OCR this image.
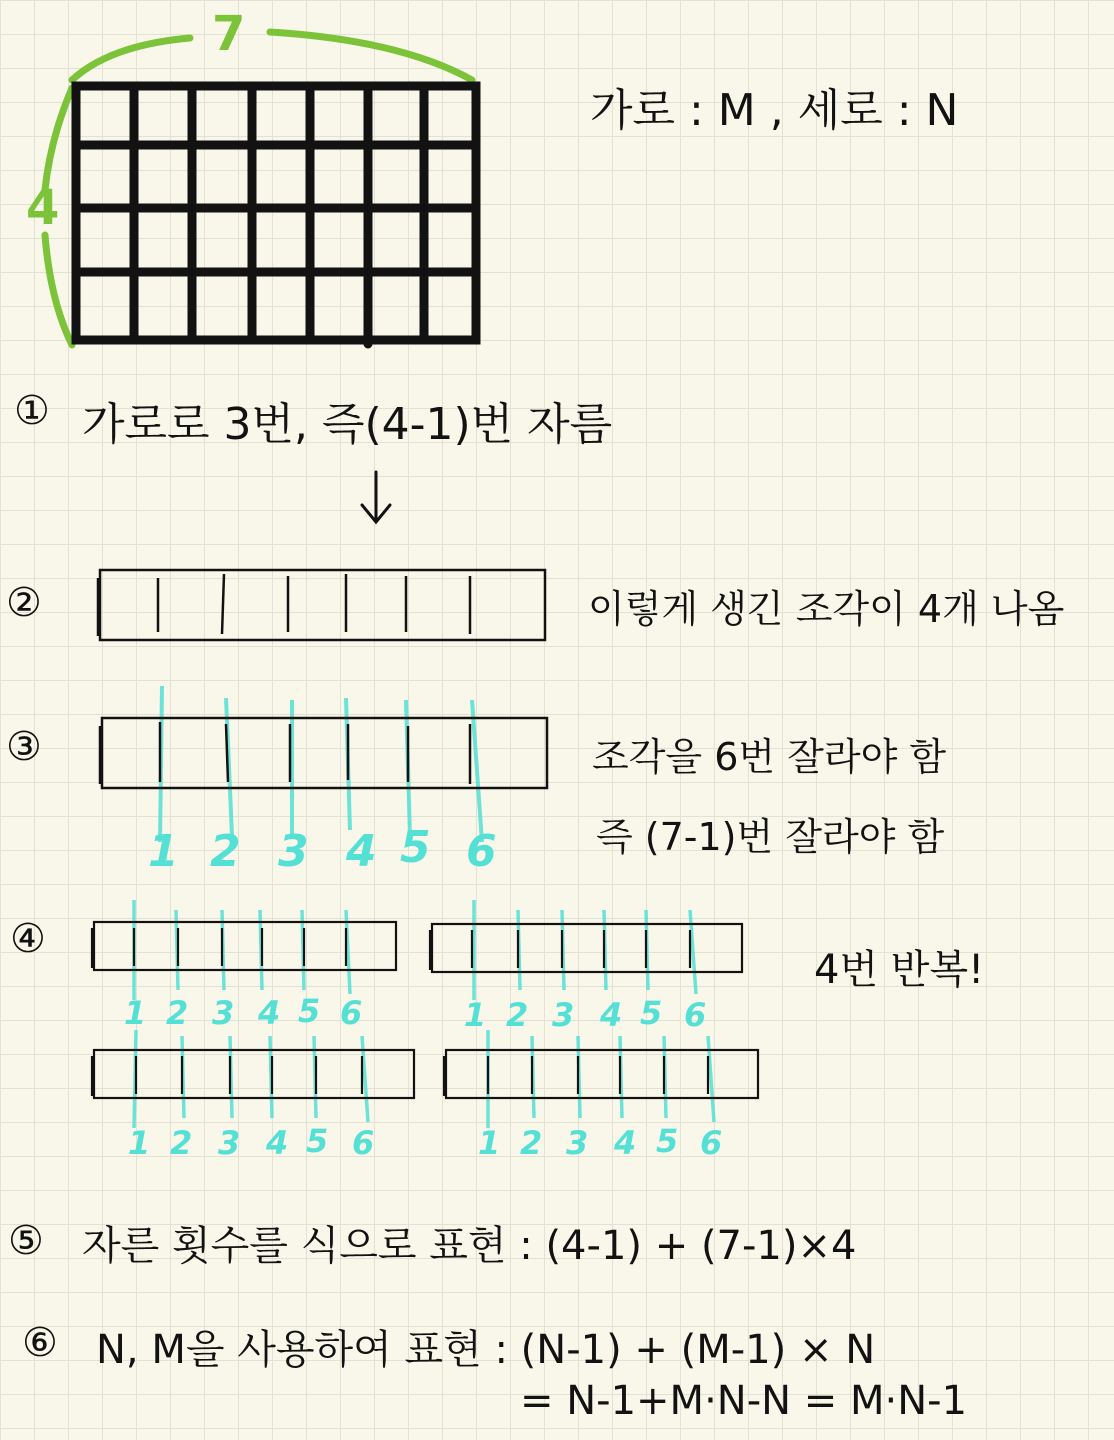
7
4
가로 : M , 세로 : N
① 가로로 3번, 즉(4-1)번 자름
②	이렇게 생긴 조각이 4개 나옴
③	조각을 6번 잘라야 함
즉 (7-1)번 잘라야 함
1 2 3 4 5 6
④
4번 반복!
1 2 3 4 5 6	1 2 3 4 5 6
1 2 3 4 5 6	1 2 3 4 5 6
⑤ 자른 횟수를 식으로 표현 : (4-1) + (7-1)×4
⑥ N, M을 사용하여 표현 : (N-1) + (M-1) × N
= N-1+M·N-N = M·N-1
